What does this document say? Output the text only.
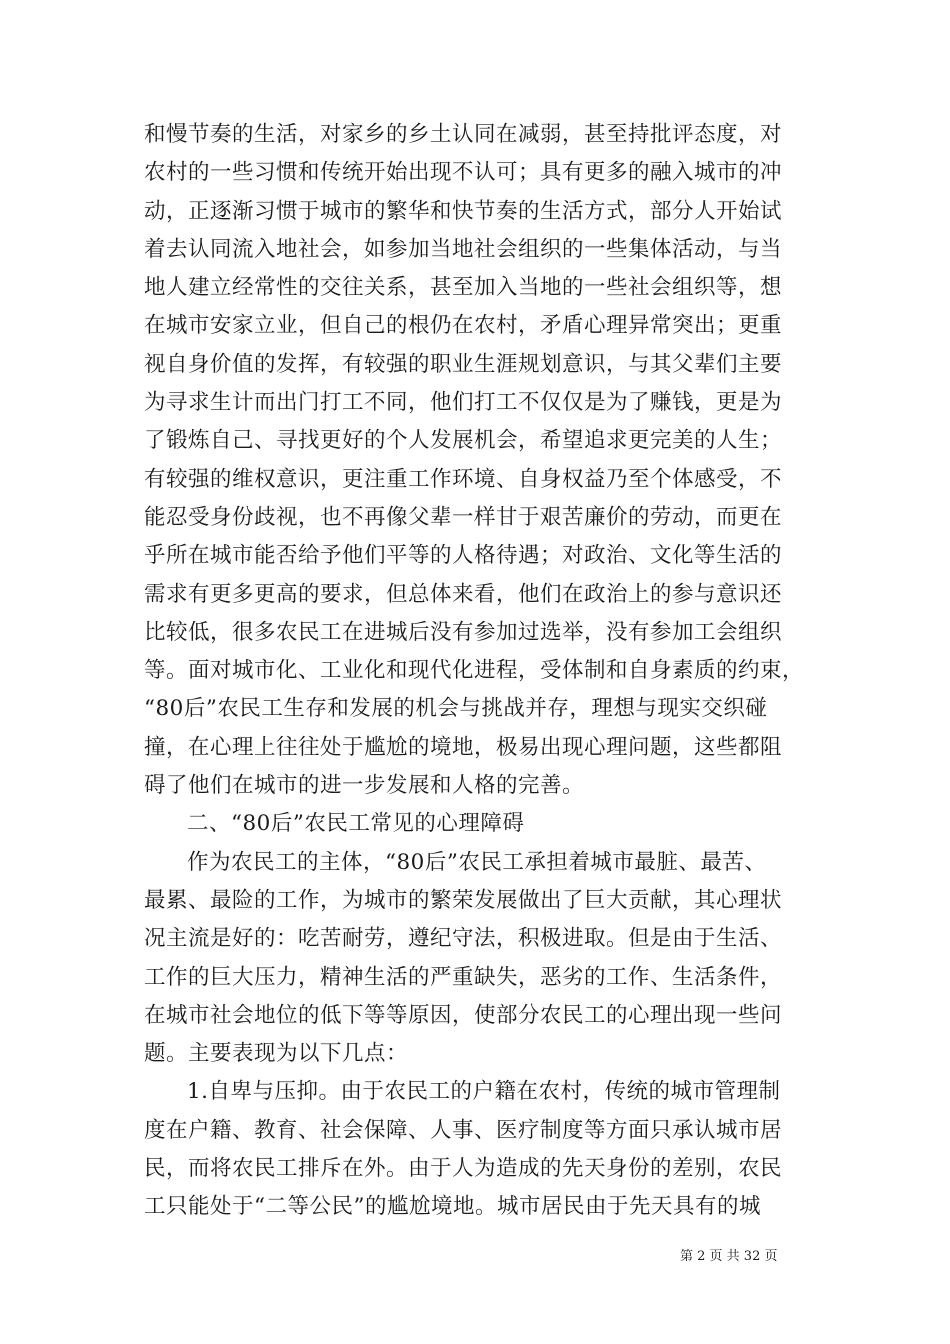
和慢节奏的生活，对家乡的乡土认同在减弱，甚至持批评态度，对
农村的一些习惯和传统开始出现不认可；具有更多的融入城市的冲
动，正逐渐习惯于城市的繁华和快节奏的生活方式，部分人开始试
着去认同流入地社会，如参加当地社会组织的一些集体活动，与当
地人建立经常性的交往关系，甚至加入当地的一些社会组织等，想
在城市安家立业，但自己的根仍在农村，矛盾心理异常突出；更重
视自身价值的发挥，有较强的职业生涯规划意识，与其父辈们主要
为寻求生计而出门打工不同，他们打工不仅仅是为了赚钱，更是为
了锻炼自己、寻找更好的个人发展机会，希望追求更完美的人生；
有较强的维权意识，更注重工作环境、自身权益乃至个体感受，不
能忍受身份歧视，也不再像父辈一样甘于艰苦廉价的劳动，而更在
乎所在城市能否给予他们平等的人格待遇；对政治、文化等生活的
需求有更多更高的要求，但总体来看，他们在政治上的参与意识还
比较低，很多农民工在进城后没有参加过选举，没有参加工会组织
等。面对城市化、工业化和现代化进程，受体制和自身素质的约束，
“80后”农民工生存和发展的机会与挑战并存，理想与现实交织碰
撞，在心理上往往处于尴尬的境地，极易出现心理问题，这些都阻
碍了他们在城市的进一步发展和人格的完善。
二、“80后”农民工常见的心理障碍
作为农民工的主体，“80后”农民工承担着城市最脏、最苦、
最累、最险的工作，为城市的繁荣发展做出了巨大贡献，其心理状
况主流是好的：吃苦耐劳，遵纪守法，积极进取。但是由于生活、
工作的巨大压力，精神生活的严重缺失，恶劣的工作、生活条件，
在城市社会地位的低下等等原因，使部分农民工的心理出现一些问
题。主要表现为以下几点：
1.自卑与压抑。由于农民工的户籍在农村，传统的城市管理制
度在户籍、教育、社会保障、人事、医疗制度等方面只承认城市居
民，而将农民工排斥在外。由于人为造成的先天身份的差别，农民
工只能处于“二等公民”的尴尬境地。城市居民由于先天具有的城
第 2 页 共 32 页
